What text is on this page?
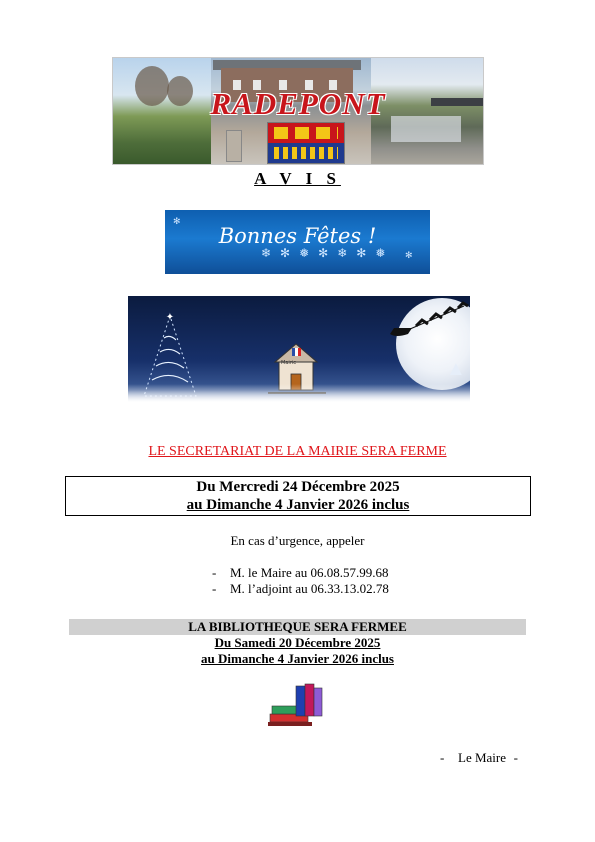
RADEPONT
A V I S
Bonnes Fêtes !
❄ ✻ ❅ ✻ ❄ ✻ ❅
✻
✻
✦
Mairie	▲
LE SECRETARIAT DE LA MAIRIE SERA FERME
Du Mercredi 24 Décembre 2025
au Dimanche 4 Janvier 2026 inclus
En cas d’urgence, appeler
- M. le Maire au 06.08.57.99.68
- M. l’adjoint au 06.33.13.02.78
LA BIBLIOTHEQUE SERA FERMEE
Du Samedi 20 Décembre 2025
au Dimanche 4 Janvier 2026 inclus
- Le Maire -
